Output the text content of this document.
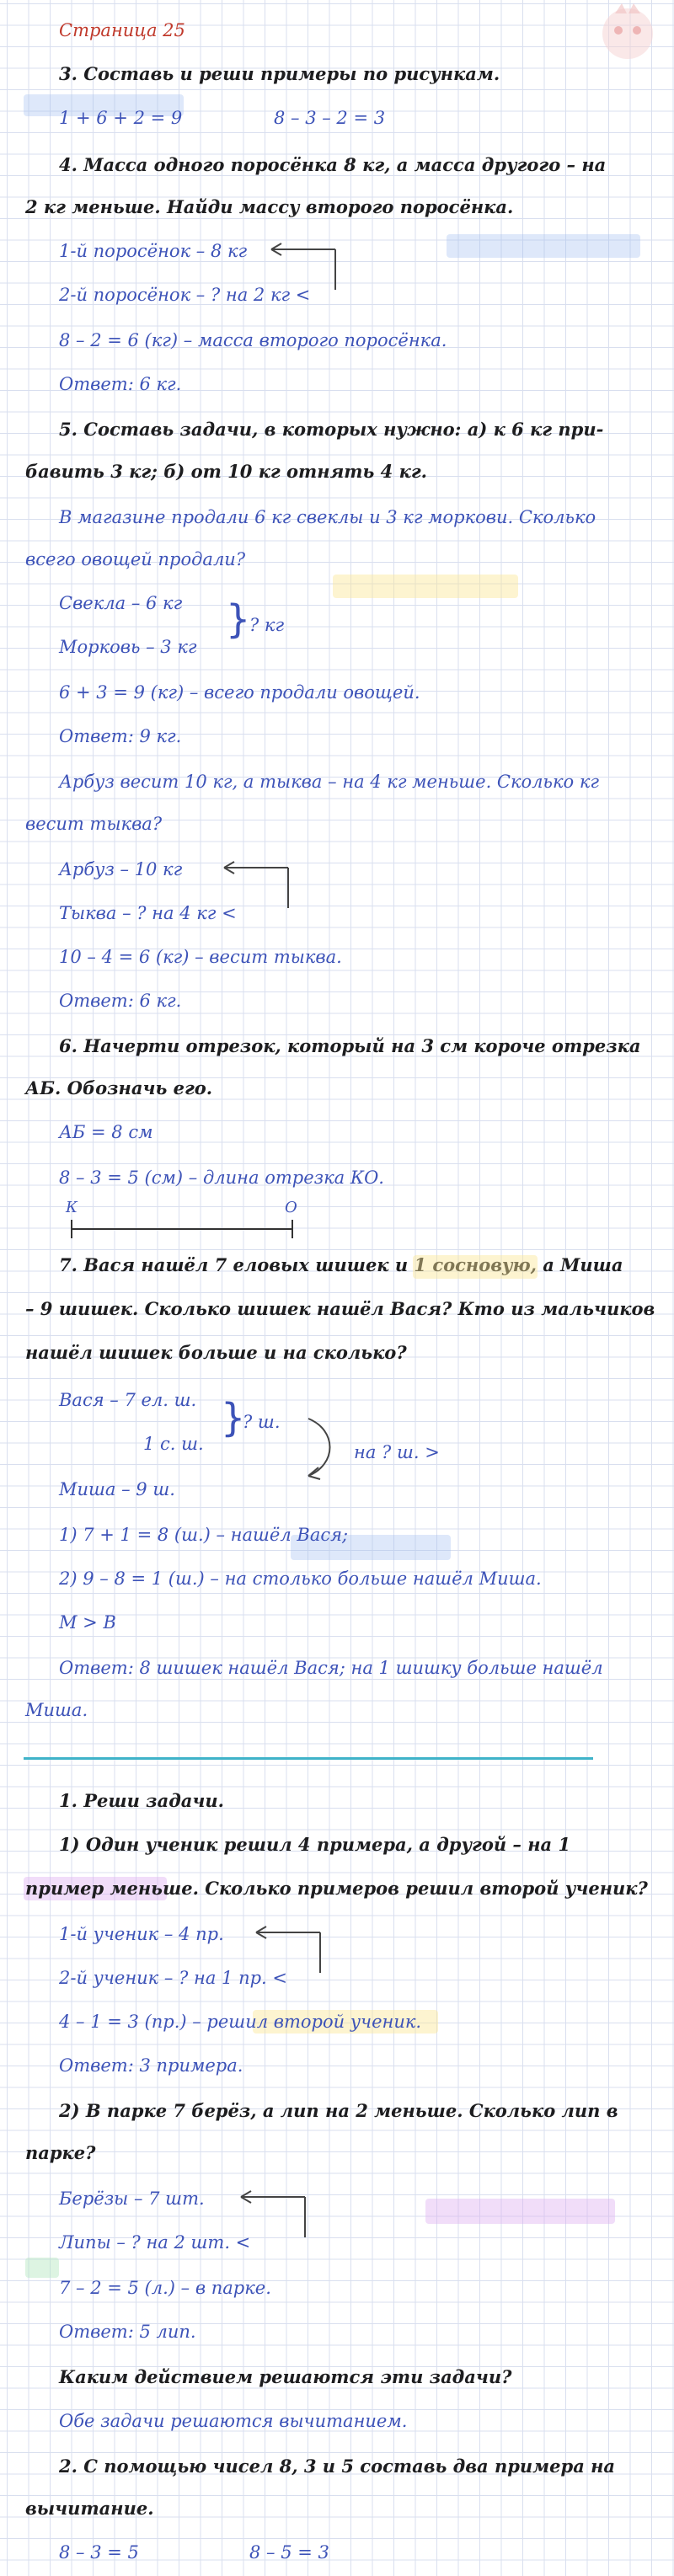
Страница 25
3. Составь и реши примеры по рисункам.
1 + 6 + 2 = 9	8 – 3 – 2 = 3
4. Масса одного поросёнка 8 кг, а масса другого – на
2 кг меньше. Найди массу второго поросёнка.
1-й поросёнок – 8 кг
2-й поросёнок – ? на 2 кг <
8 – 2 = 6 (кг) – масса второго поросёнка.
Ответ: 6 кг.
5. Составь задачи, в которых нужно: а) к 6 кг при-
бавить 3 кг; б) от 10 кг отнять 4 кг.
В магазине продали 6 кг свеклы и 3 кг моркови. Сколько
всего овощей продали?
Свекла – 6 кг
Морковь – 3 кг
}
? кг
6 + 3 = 9 (кг) – всего продали овощей.
Ответ: 9 кг.
Арбуз весит 10 кг, а тыква – на 4 кг меньше. Сколько кг
весит тыква?
Арбуз – 10 кг
Тыква – ? на 4 кг <
10 – 4 = 6 (кг) – весит тыква.
Ответ: 6 кг.
6. Начерти отрезок, который на 3 см короче отрезка
АБ. Обозначь его.
АБ = 8 см
8 – 3 = 5 (см) – длина отрезка КО.
К	О
7. Вася нашёл 7 еловых шишек и 1 сосновую, а Миша
– 9 шишек. Сколько шишек нашёл Вася? Кто из мальчиков
нашёл шишек больше и на сколько?
Вася – 7 ел. ш.
1 с. ш.
}
? ш.
на ? ш. >
Миша – 9 ш.
1) 7 + 1 = 8 (ш.) – нашёл Вася;
2) 9 – 8 = 1 (ш.) – на столько больше нашёл Миша.
М > В
Ответ: 8 шишек нашёл Вася; на 1 шишку больше нашёл
Миша.
1. Реши задачи.
1) Один ученик решил 4 примера, а другой – на 1
пример меньше. Сколько примеров решил второй ученик?
1-й ученик – 4 пр.
2-й ученик – ? на 1 пр. <
4 – 1 = 3 (пр.) – решил второй ученик.
Ответ: 3 примера.
2) В парке 7 берёз, а лип на 2 меньше. Сколько лип в
парке?
Берёзы – 7 шт.
Липы – ? на 2 шт. <
7 – 2 = 5 (л.) – в парке.
Ответ: 5 лип.
Каким действием решаются эти задачи?
Обе задачи решаются вычитанием.
2. С помощью чисел 8, 3 и 5 составь два примера на
вычитание.
8 – 3 = 5	8 – 5 = 3
